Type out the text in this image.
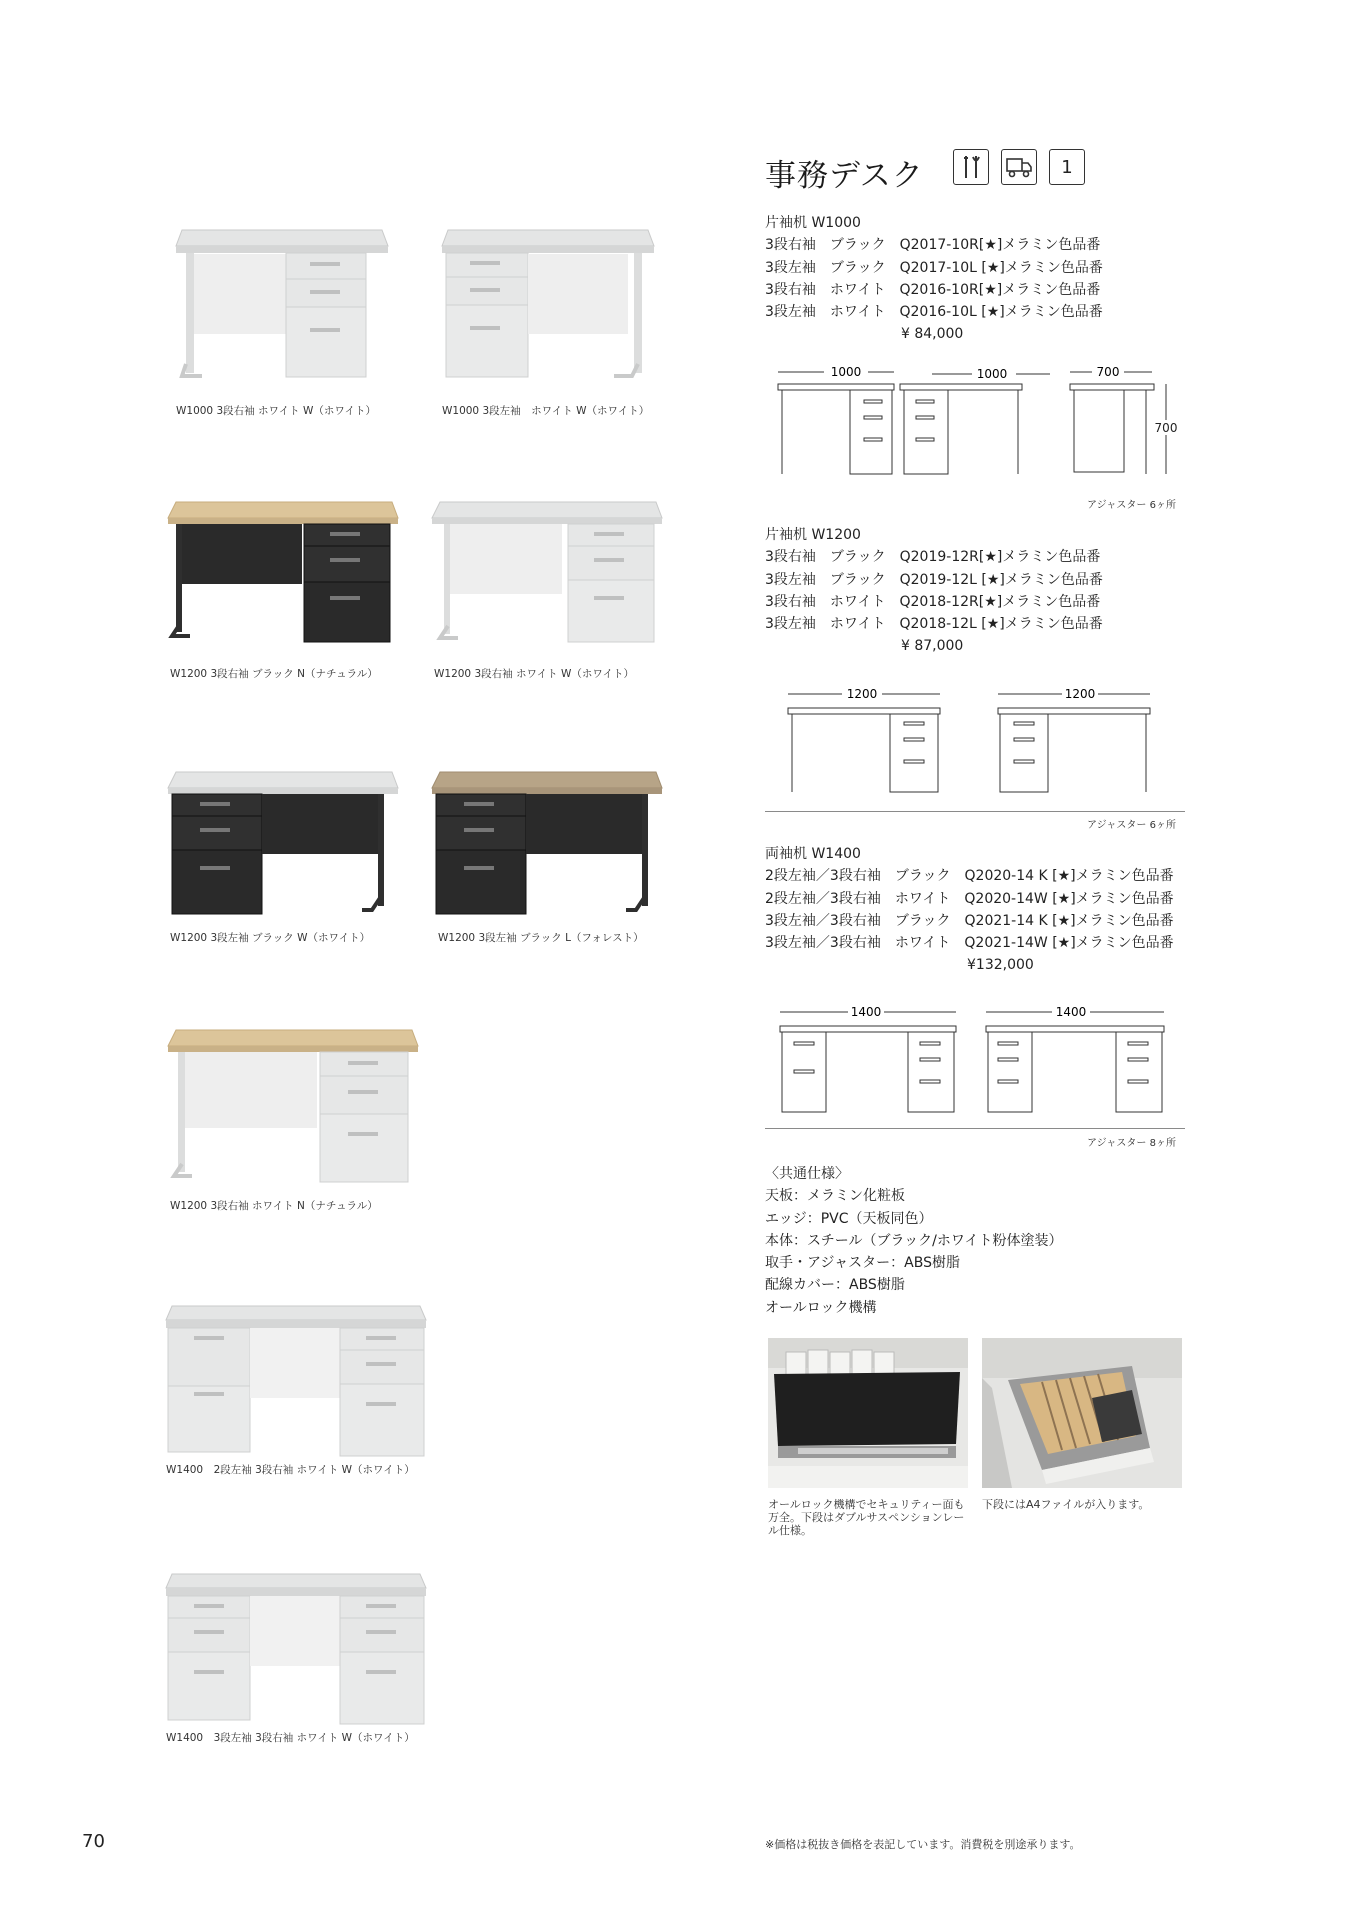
W1000 3段右袖 ホワイト W（ホワイト）	W1000 3段左袖　ホワイト W（ホワイト）
W1200 3段右袖 ブラック N（ナチュラル）	W1200 3段右袖 ホワイト W（ホワイト）
W1200 3段左袖 ブラック W（ホワイト）	W1200 3段左袖 ブラック L（フォレスト）
W1200 3段右袖 ホワイト N（ナチュラル）
W1400　2段左袖 3段右袖 ホワイト W（ホワイト）
W1400　3段左袖 3段右袖 ホワイト W（ホワイト）
事務デスク	1
片袖机 W1000
3段右袖　ブラック　Q2017-10R[★]メラミン色品番
3段左袖　ブラック　Q2017-10L [★]メラミン色品番
3段右袖　ホワイト　Q2016-10R[★]メラミン色品番
3段左袖　ホワイト　Q2016-10L [★]メラミン色品番
¥ 84,000
1000	1000	700
700
アジャスター 6ヶ所
片袖机 W1200
3段右袖　ブラック　Q2019-12R[★]メラミン色品番
3段左袖　ブラック　Q2019-12L [★]メラミン色品番
3段右袖　ホワイト　Q2018-12R[★]メラミン色品番
3段左袖　ホワイト　Q2018-12L [★]メラミン色品番
¥ 87,000
1200	1200
アジャスター 6ヶ所
両袖机 W1400
2段左袖／3段右袖　ブラック　Q2020-14 K [★]メラミン色品番
2段左袖／3段右袖　ホワイト　Q2020-14W [★]メラミン色品番
3段左袖／3段右袖　ブラック　Q2021-14 K [★]メラミン色品番
3段左袖／3段右袖　ホワイト　Q2021-14W [★]メラミン色品番
¥132,000
1400	1400
アジャスター 8ヶ所
〈共通仕様〉
天板：メラミン化粧板
エッジ：PVC（天板同色）
本体：スチール（ブラック/ホワイト粉体塗装）
取手・アジャスター：ABS樹脂
配線カバー：ABS樹脂
オールロック機構
オールロック機構でセキュリティー面も万全。下段はダブルサスペンションレール仕様。
下段にはA4ファイルが入ります。
70	※価格は税抜き価格を表記しています。消費税を別途承ります。
